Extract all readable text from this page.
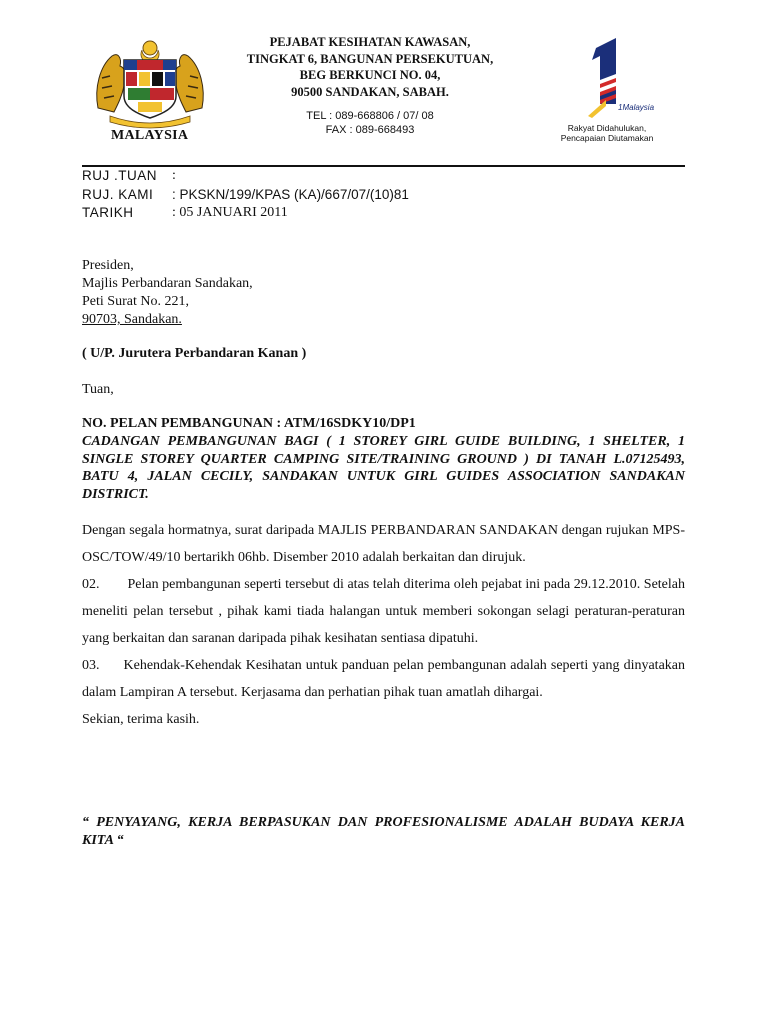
MALAYSIA
PEJABAT KESIHATAN KAWASAN,
TINGKAT 6, BANGUNAN PERSEKUTUAN,
BEG BERKUNCI NO. 04,
90500 SANDAKAN, SABAH.
TEL : 089-668806 / 07/ 08
FAX : 089-668493
1Malaysia
Rakyat Didahulukan,
Pencapaian Diutamakan
RUJ .TUAN	:
RUJ. KAMI	: PKSKN/199/KPAS (KA)/667/07/(10)81
TARIKH	: 05 JANUARI 2011
Presiden,
Majlis Perbandaran Sandakan,
Peti Surat No. 221,
90703, Sandakan.
( U/P. Jurutera Perbandaran Kanan )
Tuan,
NO. PELAN PEMBANGUNAN : ATM/16SDKY10/DP1
CADANGAN PEMBANGUNAN BAGI ( 1 STOREY GIRL GUIDE BUILDING, 1 SHELTER, 1 SINGLE STOREY QUARTER CAMPING SITE/TRAINING GROUND ) DI TANAH L.07125493, BATU 4, JALAN CECILY, SANDAKAN UNTUK GIRL GUIDES ASSOCIATION SANDAKAN DISTRICT.

Dengan segala hormatnya, surat daripada MAJLIS PERBANDARAN SANDAKAN dengan rujukan MPS-OSC/TOW/49/10 bertarikh 06hb. Disember 2010 adalah berkaitan dan dirujuk.

02. Pelan pembangunan seperti tersebut di atas telah diterima oleh pejabat ini pada 29.12.2010. Setelah meneliti pelan tersebut , pihak kami tiada halangan untuk memberi sokongan selagi peraturan-peraturan yang berkaitan dan saranan daripada pihak kesihatan sentiasa dipatuhi.

03. Kehendak-Kehendak Kesihatan untuk panduan pelan pembangunan adalah seperti yang dinyatakan dalam Lampiran A tersebut. Kerjasama dan perhatian pihak tuan amatlah dihargai.

Sekian, terima kasih.

“ PENYAYANG, KERJA BERPASUKAN DAN PROFESIONALISME ADALAH BUDAYA KERJA KITA “
